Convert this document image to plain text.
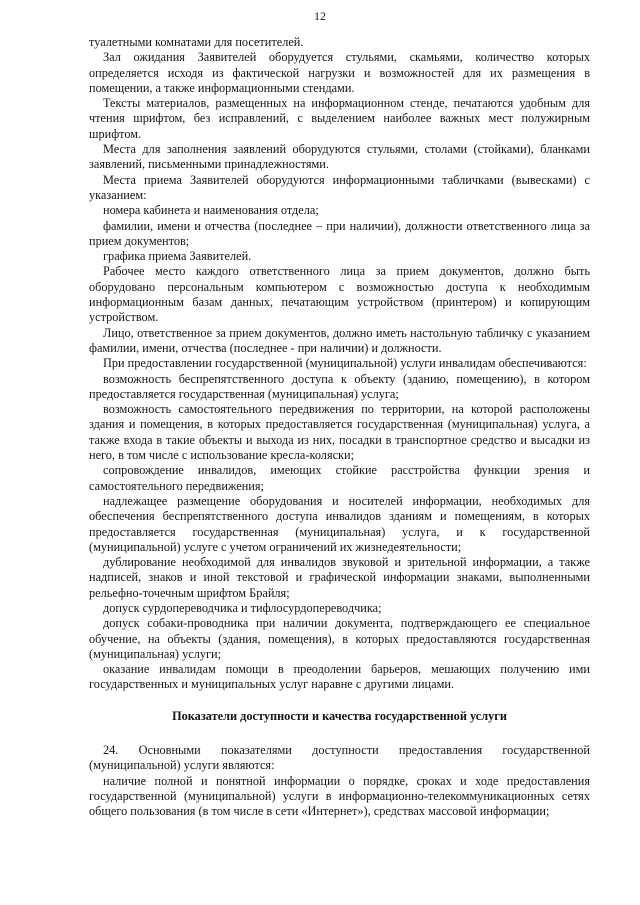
12

туалетными комнатами для посетителей.

Зал ожидания Заявителей оборудуется стульями, скамьями, количество которых определяется исходя из фактической нагрузки и возможностей для их размещения в помещении, а также информационными стендами.

Тексты материалов, размещенных на информационном стенде, печатаются удобным для чтения шрифтом, без исправлений, с выделением наиболее важных мест полужирным шрифтом.

Места для заполнения заявлений оборудуются стульями, столами (стойками), бланками заявлений, письменными принадлежностями.

Места приема Заявителей оборудуются информационными табличками (вывесками) с указанием:

номера кабинета и наименования отдела;

фамилии, имени и отчества (последнее – при наличии), должности ответственного лица за прием документов;

графика приема Заявителей.

Рабочее место каждого ответственного лица за прием документов, должно быть оборудовано персональным компьютером с возможностью доступа к необходимым информационным базам данных, печатающим устройством (принтером) и копирующим устройством.

Лицо, ответственное за прием документов, должно иметь настольную табличку с указанием фамилии, имени, отчества (последнее - при наличии) и должности.

При предоставлении государственной (муниципальной) услуги инвалидам обеспечиваются:

возможность беспрепятственного доступа к объекту (зданию, помещению), в котором предоставляется государственная (муниципальная) услуга;

возможность самостоятельного передвижения по территории, на которой расположены здания и помещения, в которых предоставляется государственная (муниципальная) услуга, а также входа в такие объекты и выхода из них, посадки в транспортное средство и высадки из него, в том числе с использование кресла-коляски;

сопровождение инвалидов, имеющих стойкие расстройства функции зрения и самостоятельного передвижения;

надлежащее размещение оборудования и носителей информации, необходимых для обеспечения беспрепятственного доступа инвалидов зданиям и помещениям, в которых предоставляется государственная (муниципальная) услуга, и к государственной (муниципальной) услуге с учетом ограничений их жизнедеятельности;

дублирование необходимой для инвалидов звуковой и зрительной информации, а также надписей, знаков и иной текстовой и графической информации знаками, выполненными рельефно-точечным шрифтом Брайля;

допуск сурдопереводчика и тифлосурдопереводчика;

допуск собаки-проводника при наличии документа, подтверждающего ее специальное обучение, на объекты (здания, помещения), в которых предоставляются государственная (муниципальная) услуги;

оказание инвалидам помощи в преодолении барьеров, мешающих получению ими государственных и муниципальных услуг наравне с другими лицами.

Показатели доступности и качества государственной услуги

24. Основными показателями доступности предоставления государственной (муниципальной) услуги являются:

наличие полной и понятной информации о порядке, сроках и ходе предоставления государственной (муниципальной) услуги в информационно-телекоммуникационных сетях общего пользования (в том числе в сети «Интернет»), средствах массовой информации;
